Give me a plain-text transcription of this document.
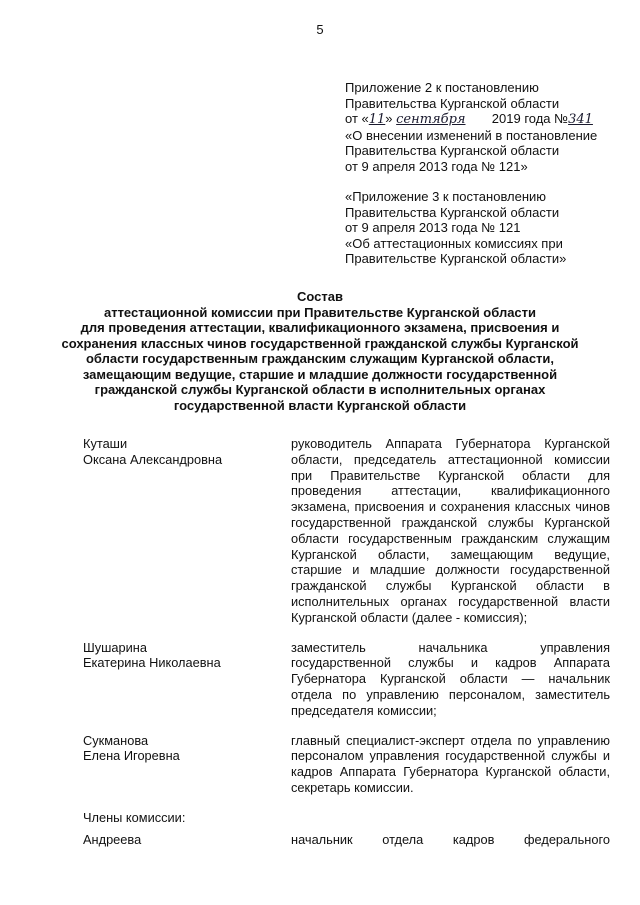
5
Приложение 2 к постановлению
Правительства Курганской области
от «11» сентября 2019 года №341
«О внесении изменений в постановление
Правительства Курганской области
от 9 апреля 2013 года № 121»
«Приложение 3 к постановлению
Правительства Курганской области
от 9 апреля 2013 года № 121
«Об аттестационных комиссиях при
Правительстве Курганской области»
Состав
аттестационной комиссии при Правительстве Курганской области
для проведения аттестации, квалификационного экзамена, присвоения и
сохранения классных чинов государственной гражданской службы Курганской
области государственным гражданским служащим Курганской области,
замещающим ведущие, старшие и младшие должности государственной
гражданской службы Курганской области в исполнительных органах
государственной власти Курганской области
Куташи
Оксана Александровна
руководитель Аппарата Губернатора Курганской области, председатель аттестационной комиссии при Правительстве Курганской области для проведения аттестации, квалификационного экзамена, присвоения и сохранения классных чинов государственной гражданской службы Курганской области государственным гражданским служащим Курганской области, замещающим ведущие, старшие и младшие должности государственной гражданской службы Курганской области в исполнительных органах государственной власти Курганской области (далее - комиссия);
Шушарина
Екатерина Николаевна
заместитель начальника управления государственной службы и кадров Аппарата Губернатора Курганской области — начальник отдела по управлению персоналом, заместитель председателя комиссии;
Сукманова
Елена Игоревна
главный специалист-эксперт отдела по управлению персоналом управления государственной службы и кадров Аппарата Губернатора Курганской области, секретарь комиссии.
Члены комиссии:
Андреева	начальник отдела кадров федерального
